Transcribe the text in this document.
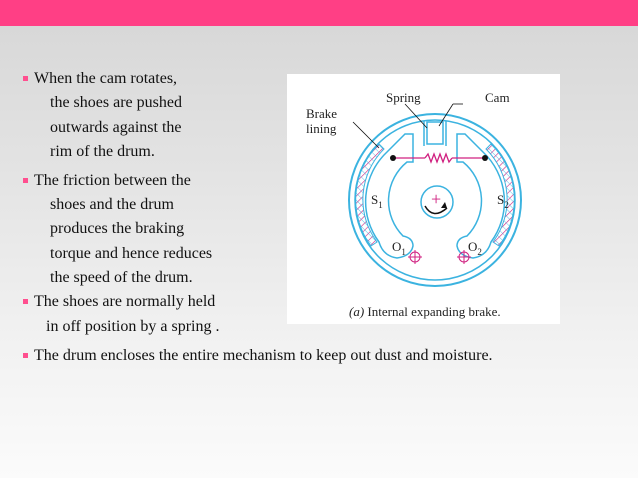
When the cam rotates,
the shoes are pushed
outwards against the
rim of the drum.
The friction between the
shoes and the drum
produces the braking
torque and hence reduces
the speed of the drum.
The shoes are normally held
in off position by a spring .
The drum encloses the entire mechanism to keep out dust and moisture.
+
Spring	Cam
Brake
lining
$S_1$	$S_2$
$O_1$	$O_2$
(a) Internal expanding brake.
